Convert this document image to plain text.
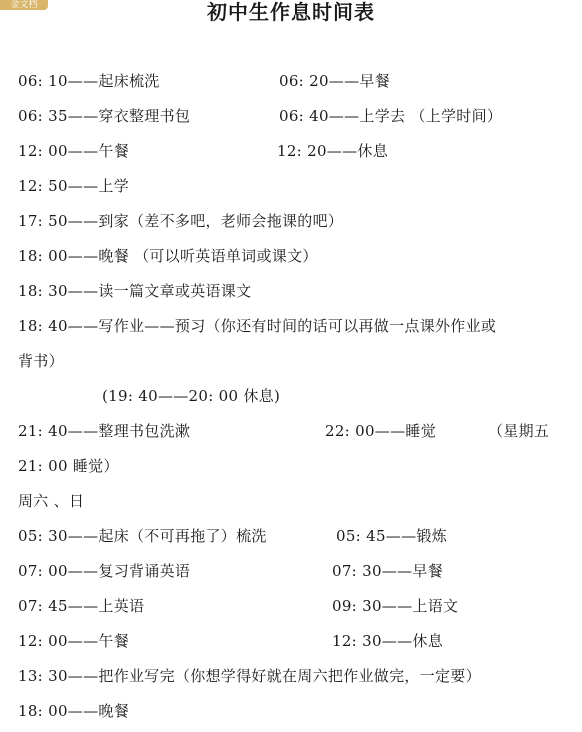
金文档	初中生作息时间表
06: 10——起床梳洗	06: 20——早餐
06: 35——穿衣整理书包	06: 40——上学去 （上学时间）
12: 00——午餐	12: 20——休息
12: 50——上学
17: 50——到家（差不多吧，老师会拖课的吧）
18: 00——晚餐 （可以听英语单词或课文）
18: 30——读一篇文章或英语课文
18: 40——写作业——预习（你还有时间的话可以再做一点课外作业或
背书）
(19: 40——20: 00 休息)
21: 40——整理书包洗漱	22: 00——睡觉	（星期五
21: 00 睡觉）
周六 、日
05: 30——起床（不可再拖了）梳洗	05: 45——锻炼
07: 00——复习背诵英语	07: 30——早餐
07: 45——上英语	09: 30——上语文
12: 00——午餐	12: 30——休息
13: 30——把作业写完（你想学得好就在周六把作业做完，一定要）
18: 00——晚餐
